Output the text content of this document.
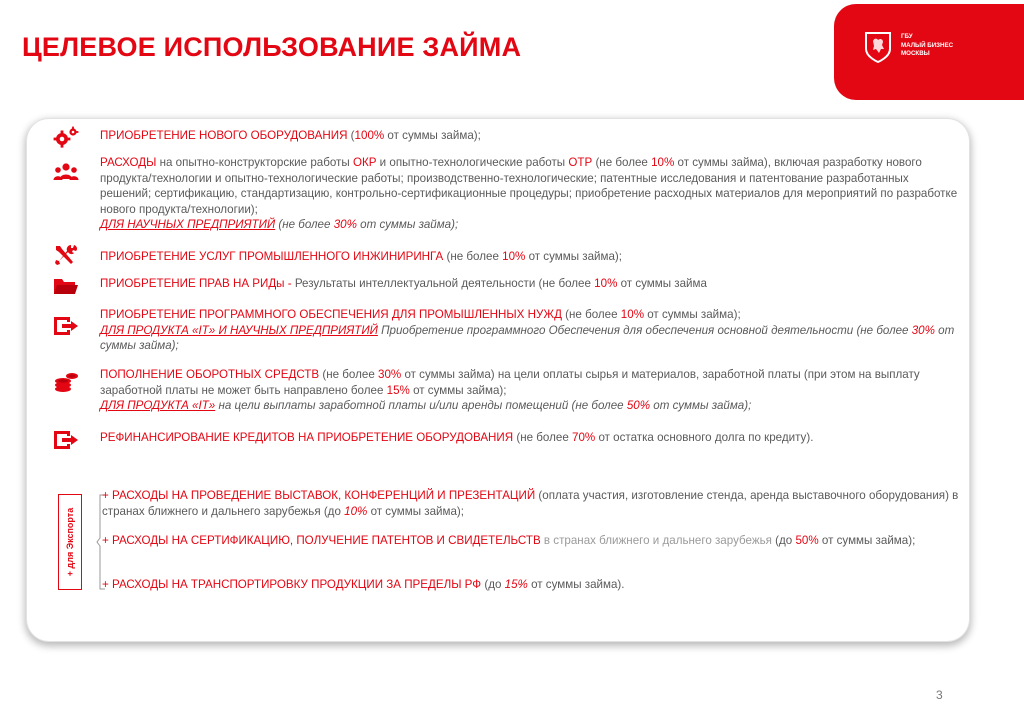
ЦЕЛЕВОЕ ИСПОЛЬЗОВАНИЕ ЗАЙМА	ГБУ
МАЛЫЙ БИЗНЕС
МОСКВЫ
ПРИОБРЕТЕНИЕ НОВОГО ОБОРУДОВАНИЯ (100% от суммы займа);
РАСХОДЫ на опытно-конструкторские работы ОКР и опытно-технологические работы ОТР (не более 10% от суммы займа), включая разработку нового продукта/технологии и опытно-технологические работы; производственно-технологические; патентные исследования и патентование разработанных решений; сертификацию, стандартизацию, контрольно-сертификационные процедуры; приобретение расходных материалов для мероприятий по разработке нового продукта/технологии);
ДЛЯ НАУЧНЫХ ПРЕДПРИЯТИЙ (не более 30% от суммы займа);
ПРИОБРЕТЕНИЕ УСЛУГ ПРОМЫШЛЕННОГО ИНЖИНИРИНГА (не более 10% от суммы займа);
ПРИОБРЕТЕНИЕ ПРАВ НА РИДы - Результаты интеллектуальной деятельности (не более 10% от суммы займа
ПРИОБРЕТЕНИЕ ПРОГРАММНОГО ОБЕСПЕЧЕНИЯ ДЛЯ ПРОМЫШЛЕННЫХ НУЖД (не более 10% от суммы займа);
ДЛЯ ПРОДУКТА «IT» И НАУЧНЫХ ПРЕДПРИЯТИЙ Приобретение программного Обеспечения для обеспечения основной деятельности (не более 30% от суммы займа);
ПОПОЛНЕНИЕ ОБОРОТНЫХ СРЕДСТВ (не более 30% от суммы займа) на цели оплаты сырья и материалов, заработной платы (при этом на выплату заработной платы не может быть направлено более 15% от суммы займа);
ДЛЯ ПРОДУКТА «IT» на цели выплаты заработной платы и/или аренды помещений (не более 50% от суммы займа);
РЕФИНАНСИРОВАНИЕ КРЕДИТОВ НА ПРИОБРЕТЕНИЕ ОБОРУДОВАНИЯ (не более 70% от остатка основного долга по кредиту).
+ для Экспорта
+ РАСХОДЫ НА ПРОВЕДЕНИЕ ВЫСТАВОК, КОНФЕРЕНЦИЙ И ПРЕЗЕНТАЦИЙ (оплата участия, изготовление стенда, аренда выставочного оборудования) в странах ближнего и дальнего зарубежья (до 10% от суммы займа);
+ РАСХОДЫ НА СЕРТИФИКАЦИЮ, ПОЛУЧЕНИЕ ПАТЕНТОВ И СВИДЕТЕЛЬСТВ в странах ближнего и дальнего зарубежья (до 50% от суммы займа);
+ РАСХОДЫ НА ТРАНСПОРТИРОВКУ ПРОДУКЦИИ ЗА ПРЕДЕЛЫ РФ (до 15% от суммы займа).
3
